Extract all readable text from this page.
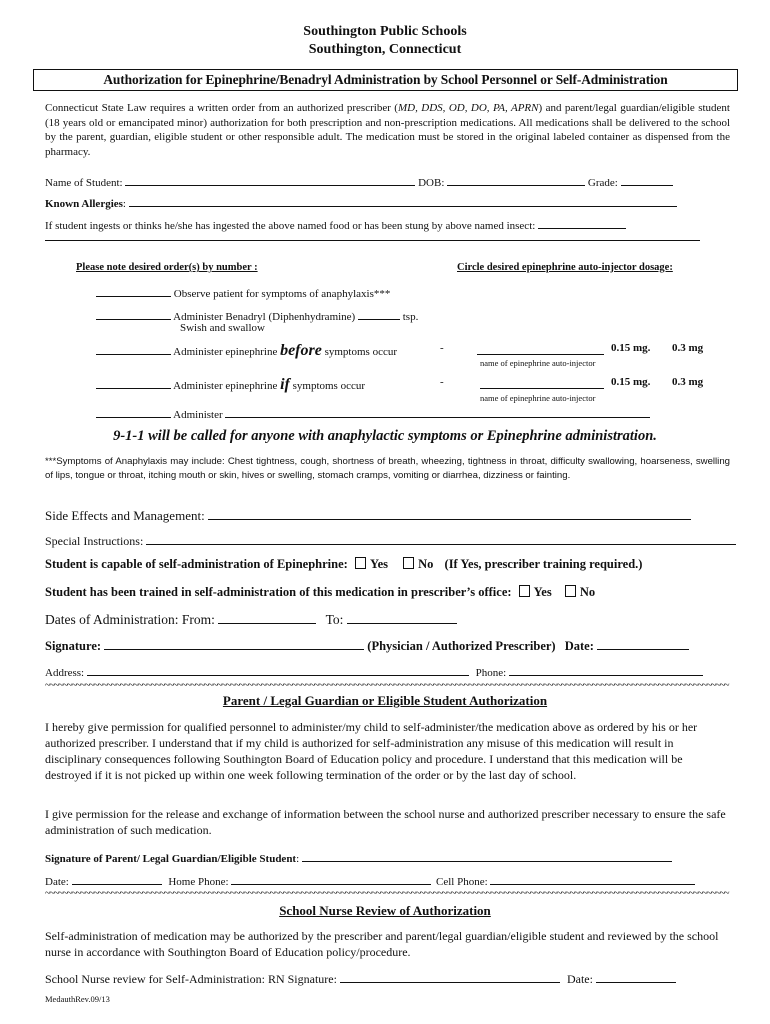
Southington Public Schools
Southington, Connecticut
Authorization for Epinephrine/Benadryl Administration by School Personnel or Self-Administration
Connecticut State Law requires a written order from an authorized prescriber (MD, DDS, OD, DO, PA, APRN) and parent/legal guardian/eligible student (18 years old or emancipated minor) authorization for both prescription and non-prescription medications. All medications shall be delivered to the school by the parent, guardian, eligible student or other responsible adult. The medication must be stored in the original labeled container as dispensed from the pharmacy.
Name of Student:	DOB:	Grade:
Known Allergies:
If student ingests or thinks he/she has ingested the above named food or has been stung by above named insect:
Please note desired order(s) by number :	Circle desired epinephrine auto-injector dosage:
Observe patient for symptoms of anaphylaxis***
Administer Benadryl (Diphenhydramine)	tsp.
Swish and swallow
Administer epinephrine before symptoms occur	-	0.15 mg. 0.3 mg
name of epinephrine auto-injector
Administer epinephrine if symptoms occur	-	0.15 mg. 0.3 mg
name of epinephrine auto-injector
Administer
9-1-1 will be called for anyone with anaphylactic symptoms or Epinephrine administration.
***Symptoms of Anaphylaxis may include: Chest tightness, cough, shortness of breath, wheezing, tightness in throat, difficulty swallowing, hoarseness, swelling of lips, tongue or throat, itching mouth or skin, hives or swelling, stomach cramps, vomiting or diarrhea, dizziness or fainting.
Side Effects and Management:
Special Instructions:
Student is capable of self-administration of Epinephrine: Yes No (If Yes, prescriber training required.)
Student has been trained in self-administration of this medication in prescriber’s office: Yes No
Dates of Administration: From:	To:
Signature:	(Physician / Authorized Prescriber) Date:
Address:	Phone:
~~~~~~~~~~~~~~~~~~~~~~~~~~~~~~~~~~~~~~~~~~~~~~~~~~~~~~~~~~~~~~~~~~~~~~~~~~~~~~~~~~~~~~~~~~~~~~~~~~~~~~~~~~~~~~~~~~~~~~~~~~~~~~~~~~~~~~~~~~~~~~~~~~~~~~~~~~~
Parent / Legal Guardian or Eligible Student Authorization
I hereby give permission for qualified personnel to administer/my child to self-administer/the medication above as ordered by his or her authorized prescriber. I understand that if my child is authorized for self-administration any misuse of this medication will result in disciplinary consequences following Southington Board of Education policy and procedure. I understand that this medication will be destroyed if it is not picked up within one week following termination of the order or by the last day of school.
I give permission for the release and exchange of information between the school nurse and authorized prescriber necessary to ensure the safe administration of such medication.
Signature of Parent/ Legal Guardian/Eligible Student:
Date:	Home Phone:	Cell Phone:
~~~~~~~~~~~~~~~~~~~~~~~~~~~~~~~~~~~~~~~~~~~~~~~~~~~~~~~~~~~~~~~~~~~~~~~~~~~~~~~~~~~~~~~~~~~~~~~~~~~~~~~~~~~~~~~~~~~~~~~~~~~~~~~~~~~~~~~~~~~~~~~~~~~~~~~~~~~
School Nurse Review of Authorization
Self-administration of medication may be authorized by the prescriber and parent/legal guardian/eligible student and reviewed by the school nurse in accordance with Southington Board of Education policy/procedure.
School Nurse review for Self-Administration: RN Signature:	Date:
MedauthRev.09/13
